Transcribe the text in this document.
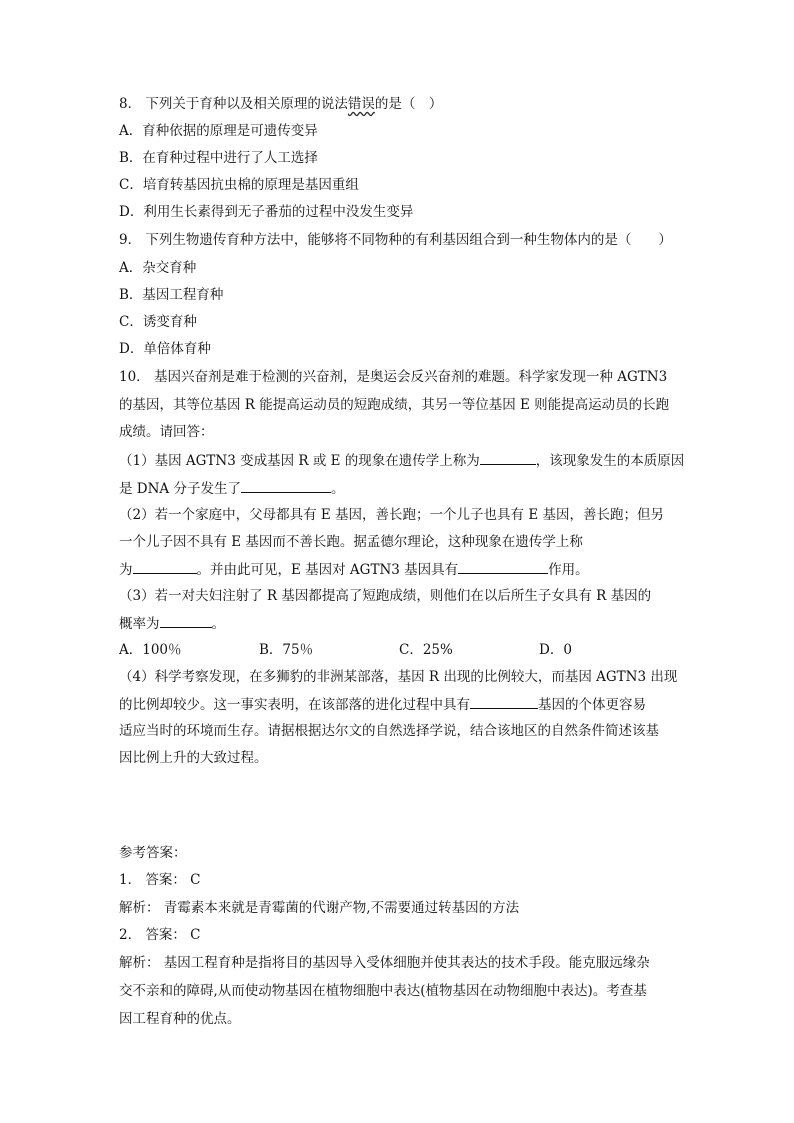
8． 下列关于育种以及相关原理的说法错误的是（　）
A．育种依据的原理是可遗传变异
B．在育种过程中进行了人工选择
C．培育转基因抗虫棉的原理是基因重组
D．利用生长素得到无子番茄的过程中没发生变异
9． 下列生物遗传育种方法中，能够将不同物种的有利基因组合到一种生物体内的是（　　）
A．杂交育种
B．基因工程育种
C．诱变育种
D．单倍体育种
10． 基因兴奋剂是难于检测的兴奋剂，是奥运会反兴奋剂的难题。科学家发现一种 AGTN3
的基因，其等位基因 R 能提高运动员的短跑成绩，其另一等位基因 E 则能提高运动员的长跑
成绩。请回答：
（1）基因 AGTN3 变成基因 R 或 E 的现象在遗传学上称为	，该现象发生的本质原因
是 DNA 分子发生了	。
（2）若一个家庭中，父母都具有 E 基因，善长跑；一个儿子也具有 E 基因，善长跑；但另
一个儿子因不具有 E 基因而不善长跑。据孟德尔理论，这种现象在遗传学上称
为	。并由此可见，E 基因对 AGTN3 基因具有	作用。
（3）若一对夫妇注射了 R 基因都提高了短跑成绩，则他们在以后所生子女具有 R 基因的
概率为	。
A．100％	B．75％	C．25%	D．0
（4）科学考察发现，在多狮豹的非洲某部落，基因 R 出现的比例较大，而基因 AGTN3 出现
的比例却较少。这一事实表明，在该部落的进化过程中具有	基因的个体更容易
适应当时的环境而生存。请据根据达尔文的自然选择学说，结合该地区的自然条件简述该基
因比例上升的大致过程。
参考答案：
1． 答案： C
解析： 青霉素本来就是青霉菌的代谢产物,不需要通过转基因的方法
2． 答案： C
解析： 基因工程育种是指将目的基因导入受体细胞并使其表达的技术手段。能克服远缘杂
交不亲和的障碍,从而使动物基因在植物细胞中表达(植物基因在动物细胞中表达)。考查基
因工程育种的优点。
